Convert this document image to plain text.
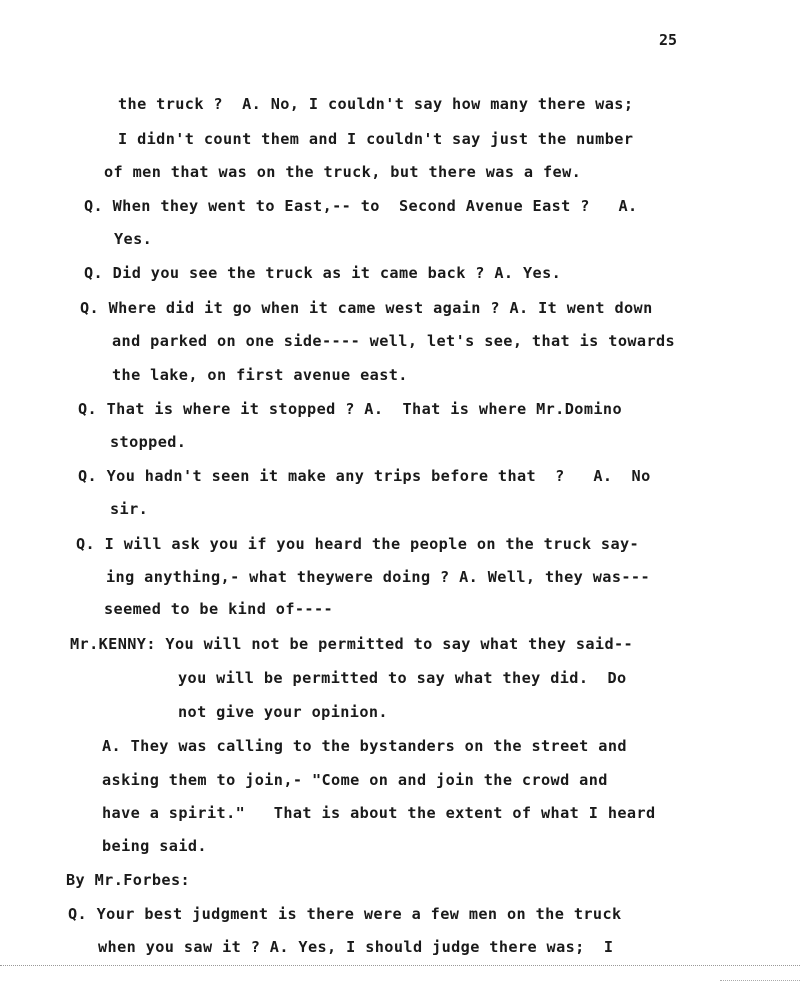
25
the truck ?  A. No, I couldn't say how many there was;
I didn't count them and I couldn't say just the number
of men that was on the truck, but there was a few.
Q. When they went to East,-- to  Second Avenue East ?   A.
Yes.
Q. Did you see the truck as it came back ? A. Yes.
Q. Where did it go when it came west again ? A. It went down
and parked on one side---- well, let's see, that is towards
the lake, on first avenue east.
Q. That is where it stopped ? A.  That is where Mr.Domino
stopped.
Q. You hadn't seen it make any trips before that  ?   A.  No
sir.
Q. I will ask you if you heard the people on the truck say-
ing anything,- what theywere doing ? A. Well, they was---
seemed to be kind of----
Mr.KENNY: You will not be permitted to say what they said--
you will be permitted to say what they did.  Do
not give your opinion.
A. They was calling to the bystanders on the street and
asking them to join,- "Come on and join the crowd and
have a spirit."   That is about the extent of what I heard
being said.
By Mr.Forbes:
Q. Your best judgment is there were a few men on the truck
when you saw it ? A. Yes, I should judge there was;  I
